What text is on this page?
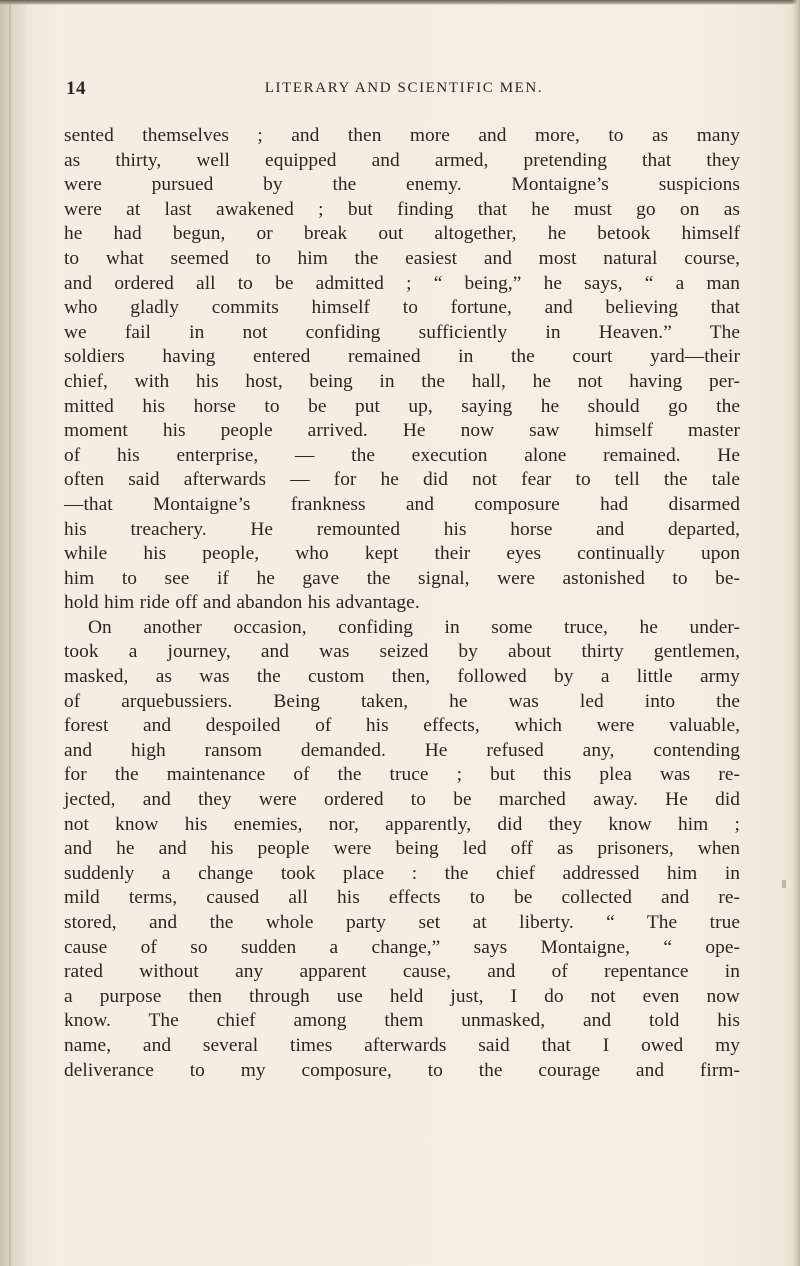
14	LITERARY AND SCIENTIFIC MEN.
sented themselves ; and then more and more, to as many
as thirty, well equipped and armed, pretending that they
were pursued by the enemy. Montaigne’s suspicions
were at last awakened ; but finding that he must go on as
he had begun, or break out altogether, he betook himself
to what seemed to him the easiest and most natural course,
and ordered all to be admitted ; “ being,” he says, “ a man
who gladly commits himself to fortune, and believing that
we fail in not confiding sufficiently in Heaven.” The
soldiers having entered remained in the court yard—their
chief, with his host, being in the hall, he not having per-
mitted his horse to be put up, saying he should go the
moment his people arrived. He now saw himself master
of his enterprise, — the execution alone remained. He
often said afterwards — for he did not fear to tell the tale
—that Montaigne’s frankness and composure had disarmed
his treachery. He remounted his horse and departed,
while his people, who kept their eyes continually upon
him to see if he gave the signal, were astonished to be-
hold him ride off and abandon his advantage.
On another occasion, confiding in some truce, he under-
took a journey, and was seized by about thirty gentlemen,
masked, as was the custom then, followed by a little army
of arquebussiers. Being taken, he was led into the
forest and despoiled of his effects, which were valuable,
and high ransom demanded. He refused any, contending
for the maintenance of the truce ; but this plea was re-
jected, and they were ordered to be marched away. He did
not know his enemies, nor, apparently, did they know him ;
and he and his people were being led off as prisoners, when
suddenly a change took place : the chief addressed him in
mild terms, caused all his effects to be collected and re-
stored, and the whole party set at liberty. “ The true
cause of so sudden a change,” says Montaigne, “ ope-
rated without any apparent cause, and of repentance in
a purpose then through use held just, I do not even now
know. The chief among them unmasked, and told his
name, and several times afterwards said that I owed my
deliverance to my composure, to the courage and firm-
